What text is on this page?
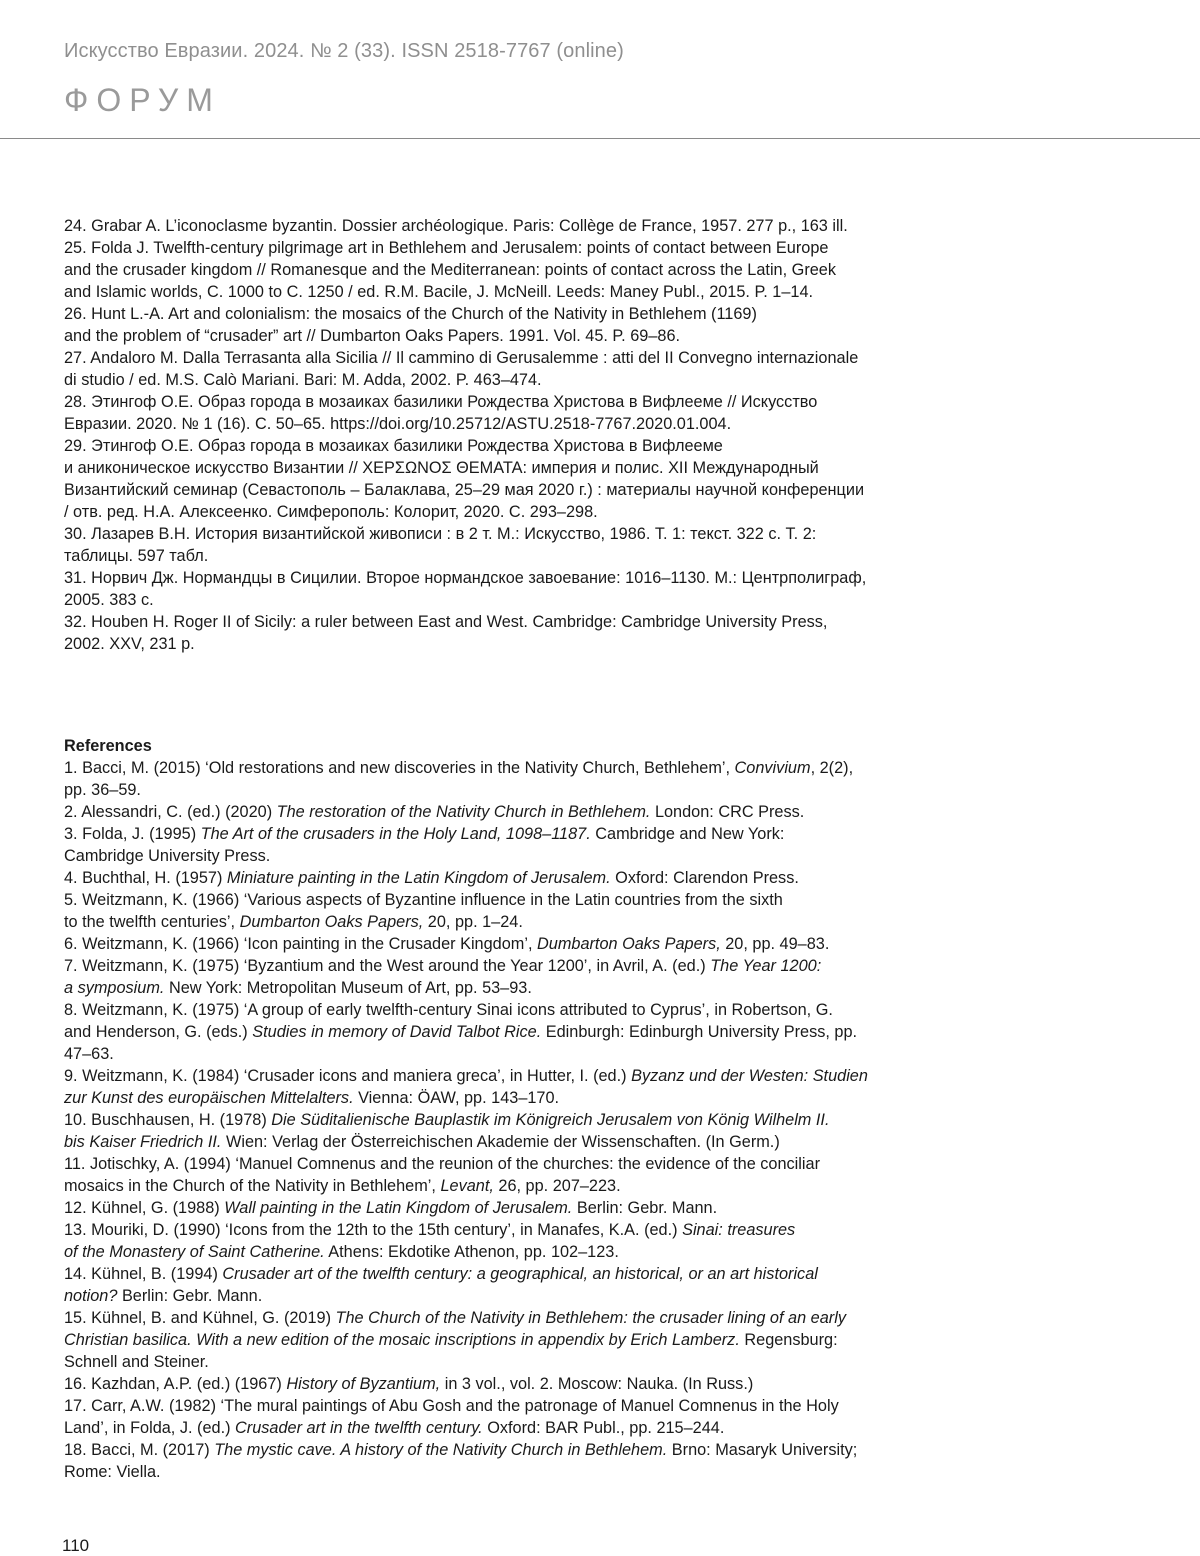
Искусство Евразии. 2024. № 2 (33). ISSN 2518-7767 (online)
ФОРУМ
24. Grabar A. L’iconoclasme byzantin. Dossier archéologique. Paris: Collège de France, 1957. 277 p., 163 ill.
25. Folda J. Twelfth-century pilgrimage art in Bethlehem and Jerusalem: points of contact between Europe
and the crusader kingdom // Romanesque and the Mediterranean: points of contact across the Latin, Greek
and Islamic worlds, C. 1000 to C. 1250 / ed. R.M. Bacile, J. McNeill. Leeds: Maney Publ., 2015. P. 1–14.
26. Hunt L.-A. Art and colonialism: the mosaics of the Church of the Nativity in Bethlehem (1169)
and the problem of “crusader” art // Dumbarton Oaks Papers. 1991. Vol. 45. P. 69–86.
27. Andaloro M. Dalla Terrasanta alla Sicilia // Il cammino di Gerusalemme : atti del II Convegno internazionale
di studio / ed. M.S. Calò Mariani. Bari: M. Adda, 2002. P. 463–474.
28. Этингоф О.Е. Образ города в мозаиках базилики Рождества Христова в Вифлееме // Искусство
Евразии. 2020. № 1 (16). С. 50–65. https://doi.org/10.25712/ASTU.2518-7767.2020.01.004.
29. Этингоф О.Е. Образ города в мозаиках базилики Рождества Христова в Вифлееме
и аниконическое искусство Византии // ΧΕΡΣΩΝΟΣ ΘΕΜΑΤΑ: империя и полис. XII Международный
Византийский семинар (Севастополь – Балаклава, 25–29 мая 2020 г.) : материалы научной конференции
/ отв. ред. Н.А. Алексеенко. Симферополь: Колорит, 2020. С. 293–298.
30. Лазарев В.Н. История византийской живописи : в 2 т. М.: Искусство, 1986. Т. 1: текст. 322 с. Т. 2:
таблицы. 597 табл.
31. Норвич Дж. Нормандцы в Сицилии. Второе нормандское завоевание: 1016–1130. М.: Центрполиграф,
2005. 383 с.
32. Houben H. Roger II of Sicily: a ruler between East and West. Cambridge: Cambridge University Press,
2002. XXV, 231 p.
References
1. Bacci, M. (2015) ‘Old restorations and new discoveries in the Nativity Church, Bethlehem’, Convivium, 2(2),
pp. 36–59.
2. Alessandri, C. (ed.) (2020) The restoration of the Nativity Church in Bethlehem. London: CRC Press.
3. Folda, J. (1995) The Art of the crusaders in the Holy Land, 1098–1187. Cambridge and New York:
Cambridge University Press.
4. Buchthal, H. (1957) Miniature painting in the Latin Kingdom of Jerusalem. Oxford: Clarendon Press.
5. Weitzmann, K. (1966) ‘Various aspects of Byzantine influence in the Latin countries from the sixth
to the twelfth centuries’, Dumbarton Oaks Papers, 20, pp. 1–24.
6. Weitzmann, K. (1966) ‘Icon painting in the Crusader Kingdom’, Dumbarton Oaks Papers, 20, pp. 49–83.
7. Weitzmann, K. (1975) ‘Byzantium and the West around the Year 1200’, in Avril, A. (ed.) The Year 1200:
a symposium. New York: Metropolitan Museum of Art, pp. 53–93.
8. Weitzmann, K. (1975) ‘A group of early twelfth-century Sinai icons attributed to Cyprus’, in Robertson, G.
and Henderson, G. (eds.) Studies in memory of David Talbot Rice. Edinburgh: Edinburgh University Press, pp.
47–63.
9. Weitzmann, K. (1984) ‘Crusader icons and maniera greca’, in Hutter, I. (ed.) Byzanz und der Westen: Studien
zur Kunst des europäischen Mittelalters. Vienna: ÖAW, pp. 143–170.
10. Buschhausen, H. (1978) Die Süditalienische Bauplastik im Königreich Jerusalem von König Wilhelm II.
bis Kaiser Friedrich II. Wien: Verlag der Österreichischen Akademie der Wissenschaften. (In Germ.)
11. Jotischky, A. (1994) ‘Manuel Comnenus and the reunion of the churches: the evidence of the conciliar
mosaics in the Church of the Nativity in Bethlehem’, Levant, 26, pp. 207–223.
12. Kühnel, G. (1988) Wall painting in the Latin Kingdom of Jerusalem. Berlin: Gebr. Mann.
13. Mouriki, D. (1990) ‘Icons from the 12th to the 15th century’, in Manafes, K.A. (ed.) Sinai: treasures
of the Monastery of Saint Catherine. Athens: Ekdotike Athenon, pp. 102–123.
14. Kühnel, B. (1994) Crusader art of the twelfth century: a geographical, an historical, or an art historical
notion? Berlin: Gebr. Mann.
15. Kühnel, B. and Kühnel, G. (2019) The Church of the Nativity in Bethlehem: the crusader lining of an early
Christian basilica. With a new edition of the mosaic inscriptions in appendix by Erich Lamberz. Regensburg:
Schnell and Steiner.
16. Kazhdan, A.P. (ed.) (1967) History of Byzantium, in 3 vol., vol. 2. Moscow: Nauka. (In Russ.)
17. Carr, A.W. (1982) ‘The mural paintings of Abu Gosh and the patronage of Manuel Comnenus in the Holy
Land’, in Folda, J. (ed.) Crusader art in the twelfth century. Oxford: BAR Publ., pp. 215–244.
18. Bacci, M. (2017) The mystic cave. A history of the Nativity Church in Bethlehem. Brno: Masaryk University;
Rome: Viella.
110
